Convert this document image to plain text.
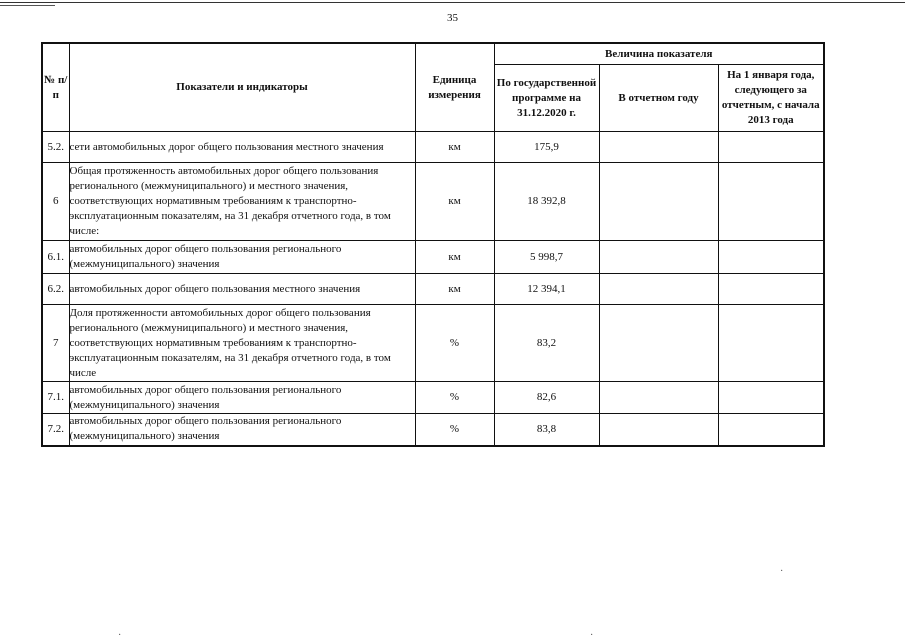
35
№ п/п	Показатели и индикаторы	Единица измерения	Величина показателя		
			По государственной программе на 31.12.2020 г.	В отчетном году	На 1 января года, следующего за отчетным, с начала 2013 года
5.2.	сети автомобильных дорог общего пользования местного значения	км	175,9		
6	Общая протяженность автомобильных дорог общего пользования регионального (межмуниципального) и местного значения, соответствующих нормативным требованиям к транспортно-эксплуатационным показателям, на 31 декабря отчетного года, в том числе:	км	18 392,8		
6.1.	автомобильных дорог общего пользования регионального (межмуниципального) значения	км	5 998,7		
6.2.	автомобильных дорог общего пользования местного значения	км	12 394,1		
7	Доля протяженности автомобильных дорог общего пользования регионального (межмуниципального) и местного значения, соответствующих нормативным требованиям к транспортно-эксплуатационным показателям, на 31 декабря отчетного года, в том числе	%	83,2		
7.1.	автомобильных дорог общего пользования регионального (межмуниципального) значения	%	82,6		
7.2.	автомобильных дорог общего пользования регионального (межмуниципального) значения	%	83,8		
·
·	·
